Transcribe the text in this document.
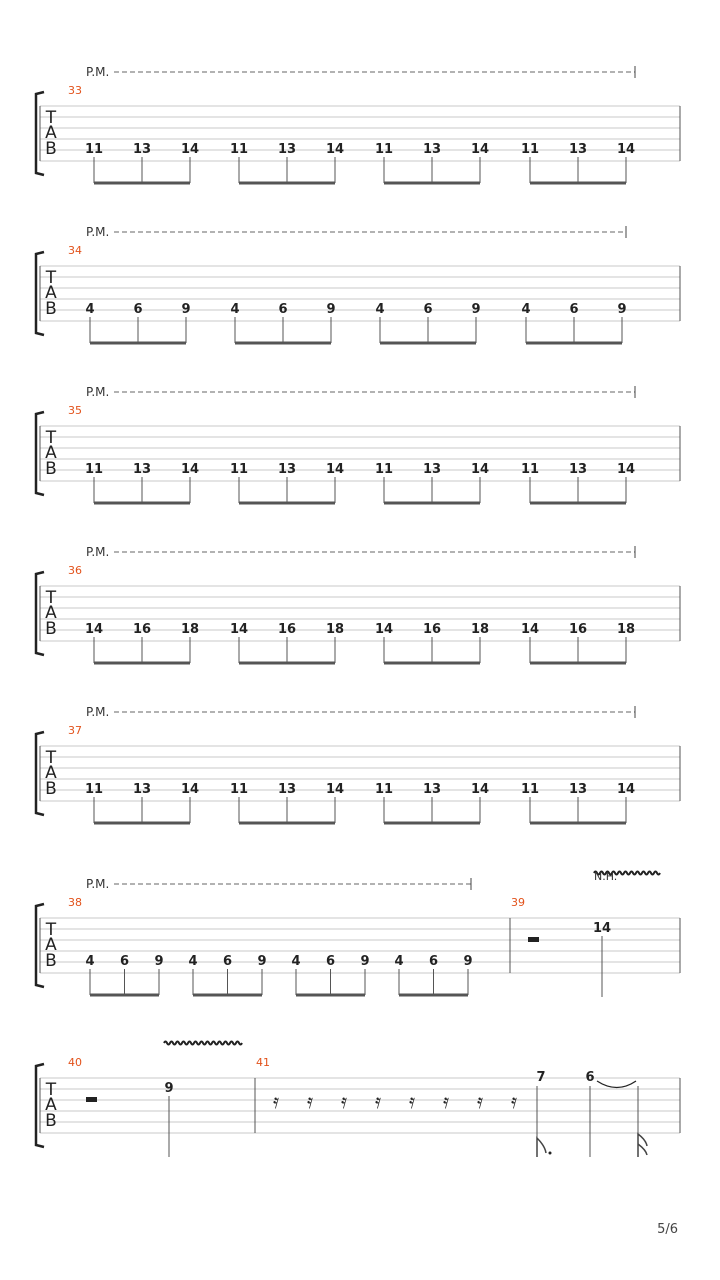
T
A
B
P.M.
33
11 13 14 11 13 14 11 13 14 11 13 14
T
A
B
P.M.
34
4	6	9	4	6	9	4	6	9	4	6	9
T
A
B
P.M.
35
11 13 14 11 13 14 11 13 14 11 13 14
T
A
B
P.M.
36
14 16 18 14 16 18 14 16 18 14 16 18
T
A
B
P.M.
37
11 13 14 11 13 14 11 13 14 11 13 14
T
A
B
P.M.
38
4 6 9 4 6 9 4 6 9 4 6 9
39
14
N.H.
T
A
B
40
9
41
𝄿 𝄿 𝄿 𝄿 𝄿 𝄿 𝄿 𝄿
7	6
5/6
